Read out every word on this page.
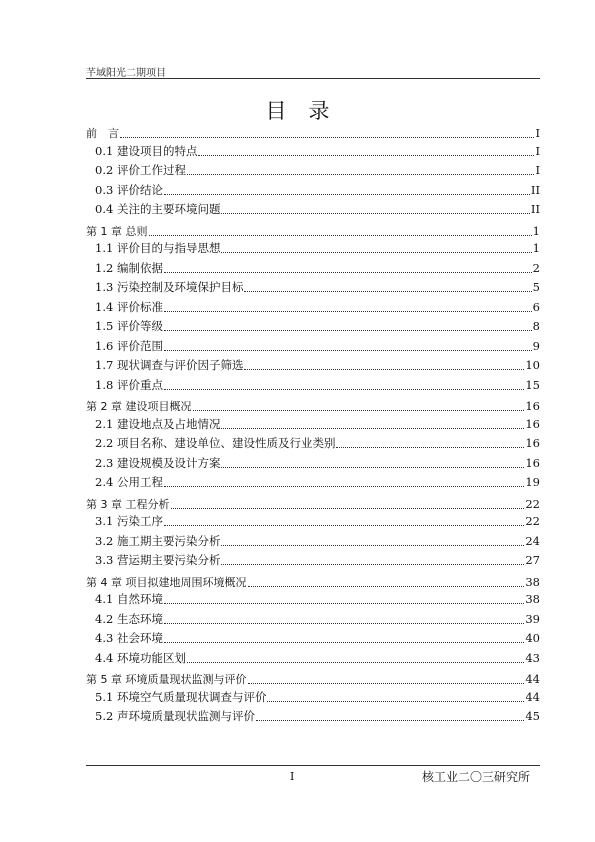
芊域阳光二期项目
目录
前　言	I
0.1 建设项目的特点	I
0.2 评价工作过程	I
0.3 评价结论	II
0.4 关注的主要环境问题	II
第 1 章 总则	1
1.1 评价目的与指导思想	1
1.2 编制依据	2
1.3 污染控制及环境保护目标	5
1.4 评价标准	6
1.5 评价等级	8
1.6 评价范围	9
1.7 现状调查与评价因子筛选	10
1.8 评价重点	15
第 2 章 建设项目概况	16
2.1 建设地点及占地情况	16
2.2 项目名称、建设单位、建设性质及行业类别	16
2.3 建设规模及设计方案	16
2.4 公用工程	19
第 3 章 工程分析	22
3.1 污染工序	22
3.2 施工期主要污染分析	24
3.3 营运期主要污染分析	27
第 4 章 项目拟建地周围环境概况	38
4.1 自然环境	38
4.2 生态环境	39
4.3 社会环境	40
4.4 环境功能区划	43
第 5 章 环境质量现状监测与评价	44
5.1 环境空气质量现状调查与评价	44
5.2 声环境质量现状监测与评价	45
I	核工业二〇三研究所
